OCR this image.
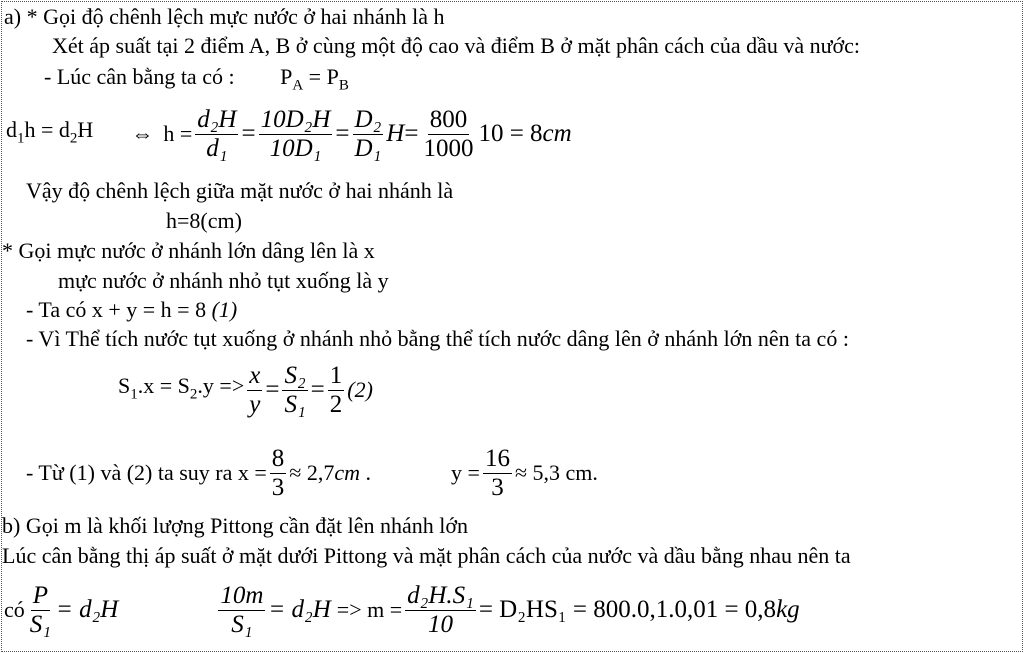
a) * Gọi độ chênh lệch mực nước ở hai nhánh là h
Xét áp suất tại 2 điểm A, B ở cùng một độ cao và điểm B ở mặt phân cách của dầu và nước:
- Lúc cân bằng ta có : $P_A = P_B$
$d_1h = d_2H$ ⇔ $h = \frac{\text{d₂H}}{\text{d₁}} = \frac{\text{10D₂H}}{\text{10D₁}} = \frac{\text{D₂}}{\text{D₁}}$ $H = \frac{800}{1000} 10 = 8cm$
Vậy độ chênh lệch giữa mặt nước ở hai nhánh là
h=8(cm)
* Gọi mực nước ở nhánh lớn dâng lên là x
mực nước ở nhánh nhỏ tụt xuống là y
- Ta có x + y = h = 8 (1)
- Vì Thể tích nước tụt xuống ở nhánh nhỏ bằng thể tích nước dâng lên ở nhánh lớn nên ta có :
$S_1.x = S_2.y => \frac{x}{y} = \frac{\text{S₂}}{\text{S₁}} = \frac{1}{2} (2)$
- Từ (1) và (2) ta suy ra $x = \frac{8}{3} \approx 2,7cm$ .	$y = \frac{16}{3} \approx 5,3$ cm.
b) Gọi m là khối lượng Pittong cần đặt lên nhánh lớn
Lúc cân bằng thị áp suất ở mặt dưới Pittong và mặt phân cách của nước và dầu bằng nhau nên ta
có $\frac{P}{\text{S₁}} = d_2H$	$\frac{10m}{\text{S₁}} = d_2H => m = \frac{\text{d₂H.S₁}}{10} = D_2HS_1 = 800.0,1.0,01 = 0,8kg$
